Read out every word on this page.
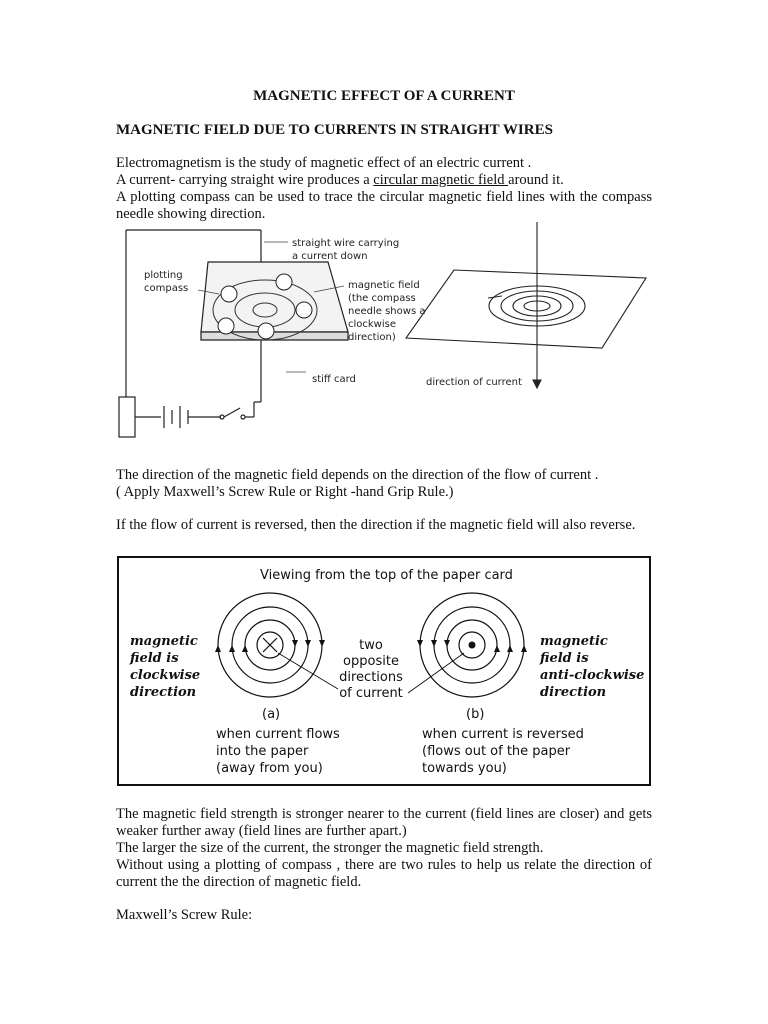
MAGNETIC EFFECT OF A CURRENT
MAGNETIC FIELD DUE TO CURRENTS IN STRAIGHT WIRES

Electromagnetism is the study of magnetic effect of an electric current .

A current- carrying straight wire produces a circular magnetic field around it.

A plotting compass can be used to trace the circular magnetic field lines with the compass needle showing direction.

straight wire carrying
a current down
plotting
compass	magnetic field
(the compass
needle shows a
clockwise
direction)
stiff card	direction of current

The direction of the magnetic field depends on the direction of the flow of current .

( Apply Maxwell’s Screw Rule or Right -hand Grip Rule.)

If the flow of current is reversed, then the direction if the magnetic field will also reverse.

Viewing from the top of the paper card
magnetic
field is
clockwise
direction
magnetic
field is
anti-clockwise
direction
two
opposite
directions
of current
(a)	(b)
when current flows
into the paper
(away from you)
when current is reversed
(flows out of the paper
towards you)

The magnetic field strength is stronger nearer to the current (field lines are closer) and gets weaker further away (field lines are further apart.)

The larger the size of the current, the stronger the magnetic field strength.

Without using a plotting of compass , there are two rules to help us relate the direction of current the the direction of magnetic field.

Maxwell’s Screw Rule:
